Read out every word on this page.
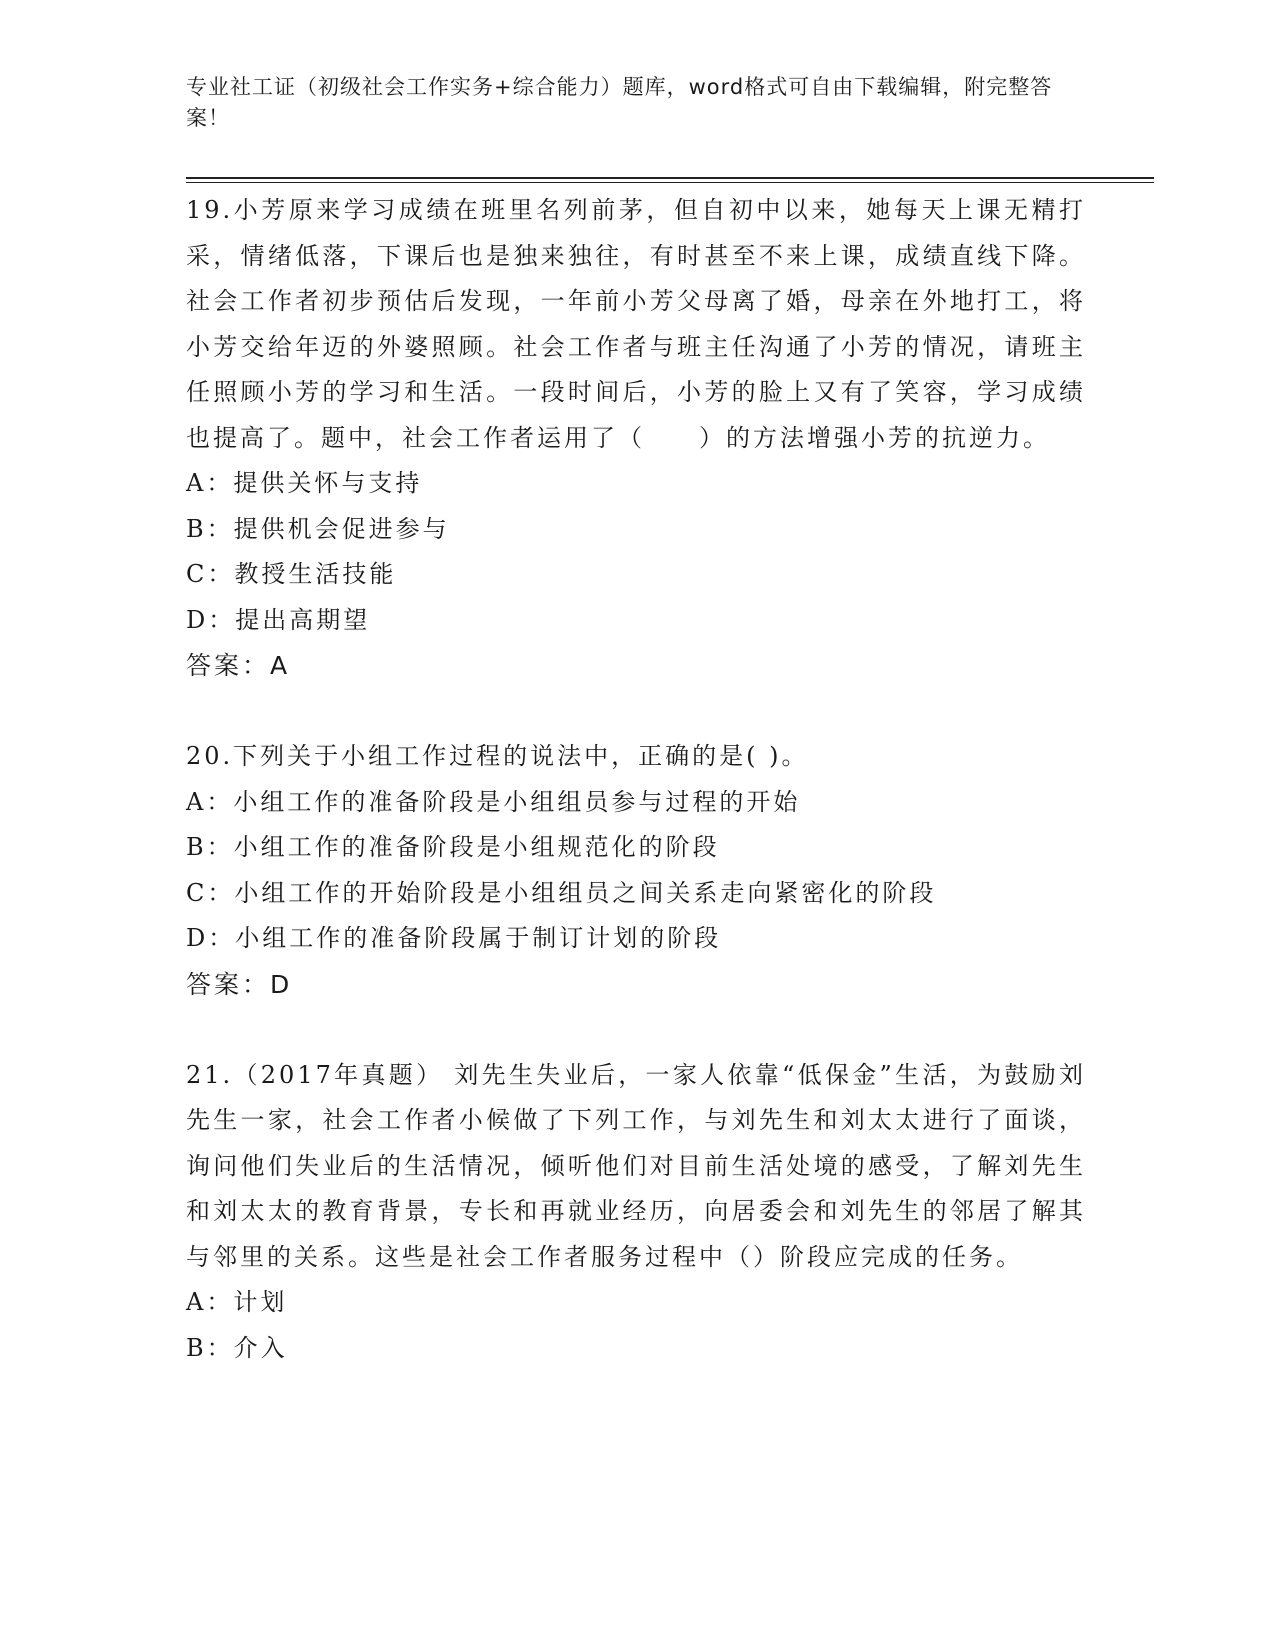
专业社工证（初级社会工作实务+综合能力）题库，word格式可自由下载编辑，附完整答案！

19.小芳原来学习成绩在班里名列前茅，但自初中以来，她每天上课无精打采，情绪低落，下课后也是独来独往，有时甚至不来上课，成绩直线下降。社会工作者初步预估后发现，一年前小芳父母离了婚，母亲在外地打工，将小芳交给年迈的外婆照顾。社会工作者与班主任沟通了小芳的情况，请班主任照顾小芳的学习和生活。一段时间后，小芳的脸上又有了笑容，学习成绩也提高了。题中，社会工作者运用了（　　）的方法增强小芳的抗逆力。

A：提供关怀与支持

B：提供机会促进参与

C：教授生活技能

D：提出高期望

答案：A

20.下列关于小组工作过程的说法中，正确的是( )。

A：小组工作的准备阶段是小组组员参与过程的开始

B：小组工作的准备阶段是小组规范化的阶段

C：小组工作的开始阶段是小组组员之间关系走向紧密化的阶段

D：小组工作的准备阶段属于制订计划的阶段

答案：D

21.（2017年真题） 刘先生失业后，一家人依靠“低保金”生活，为鼓励刘先生一家，社会工作者小候做了下列工作，与刘先生和刘太太进行了面谈，询问他们失业后的生活情况，倾听他们对目前生活处境的感受，了解刘先生和刘太太的教育背景，专长和再就业经历，向居委会和刘先生的邻居了解其与邻里的关系。这些是社会工作者服务过程中（）阶段应完成的任务。

A：计划

B：介入
